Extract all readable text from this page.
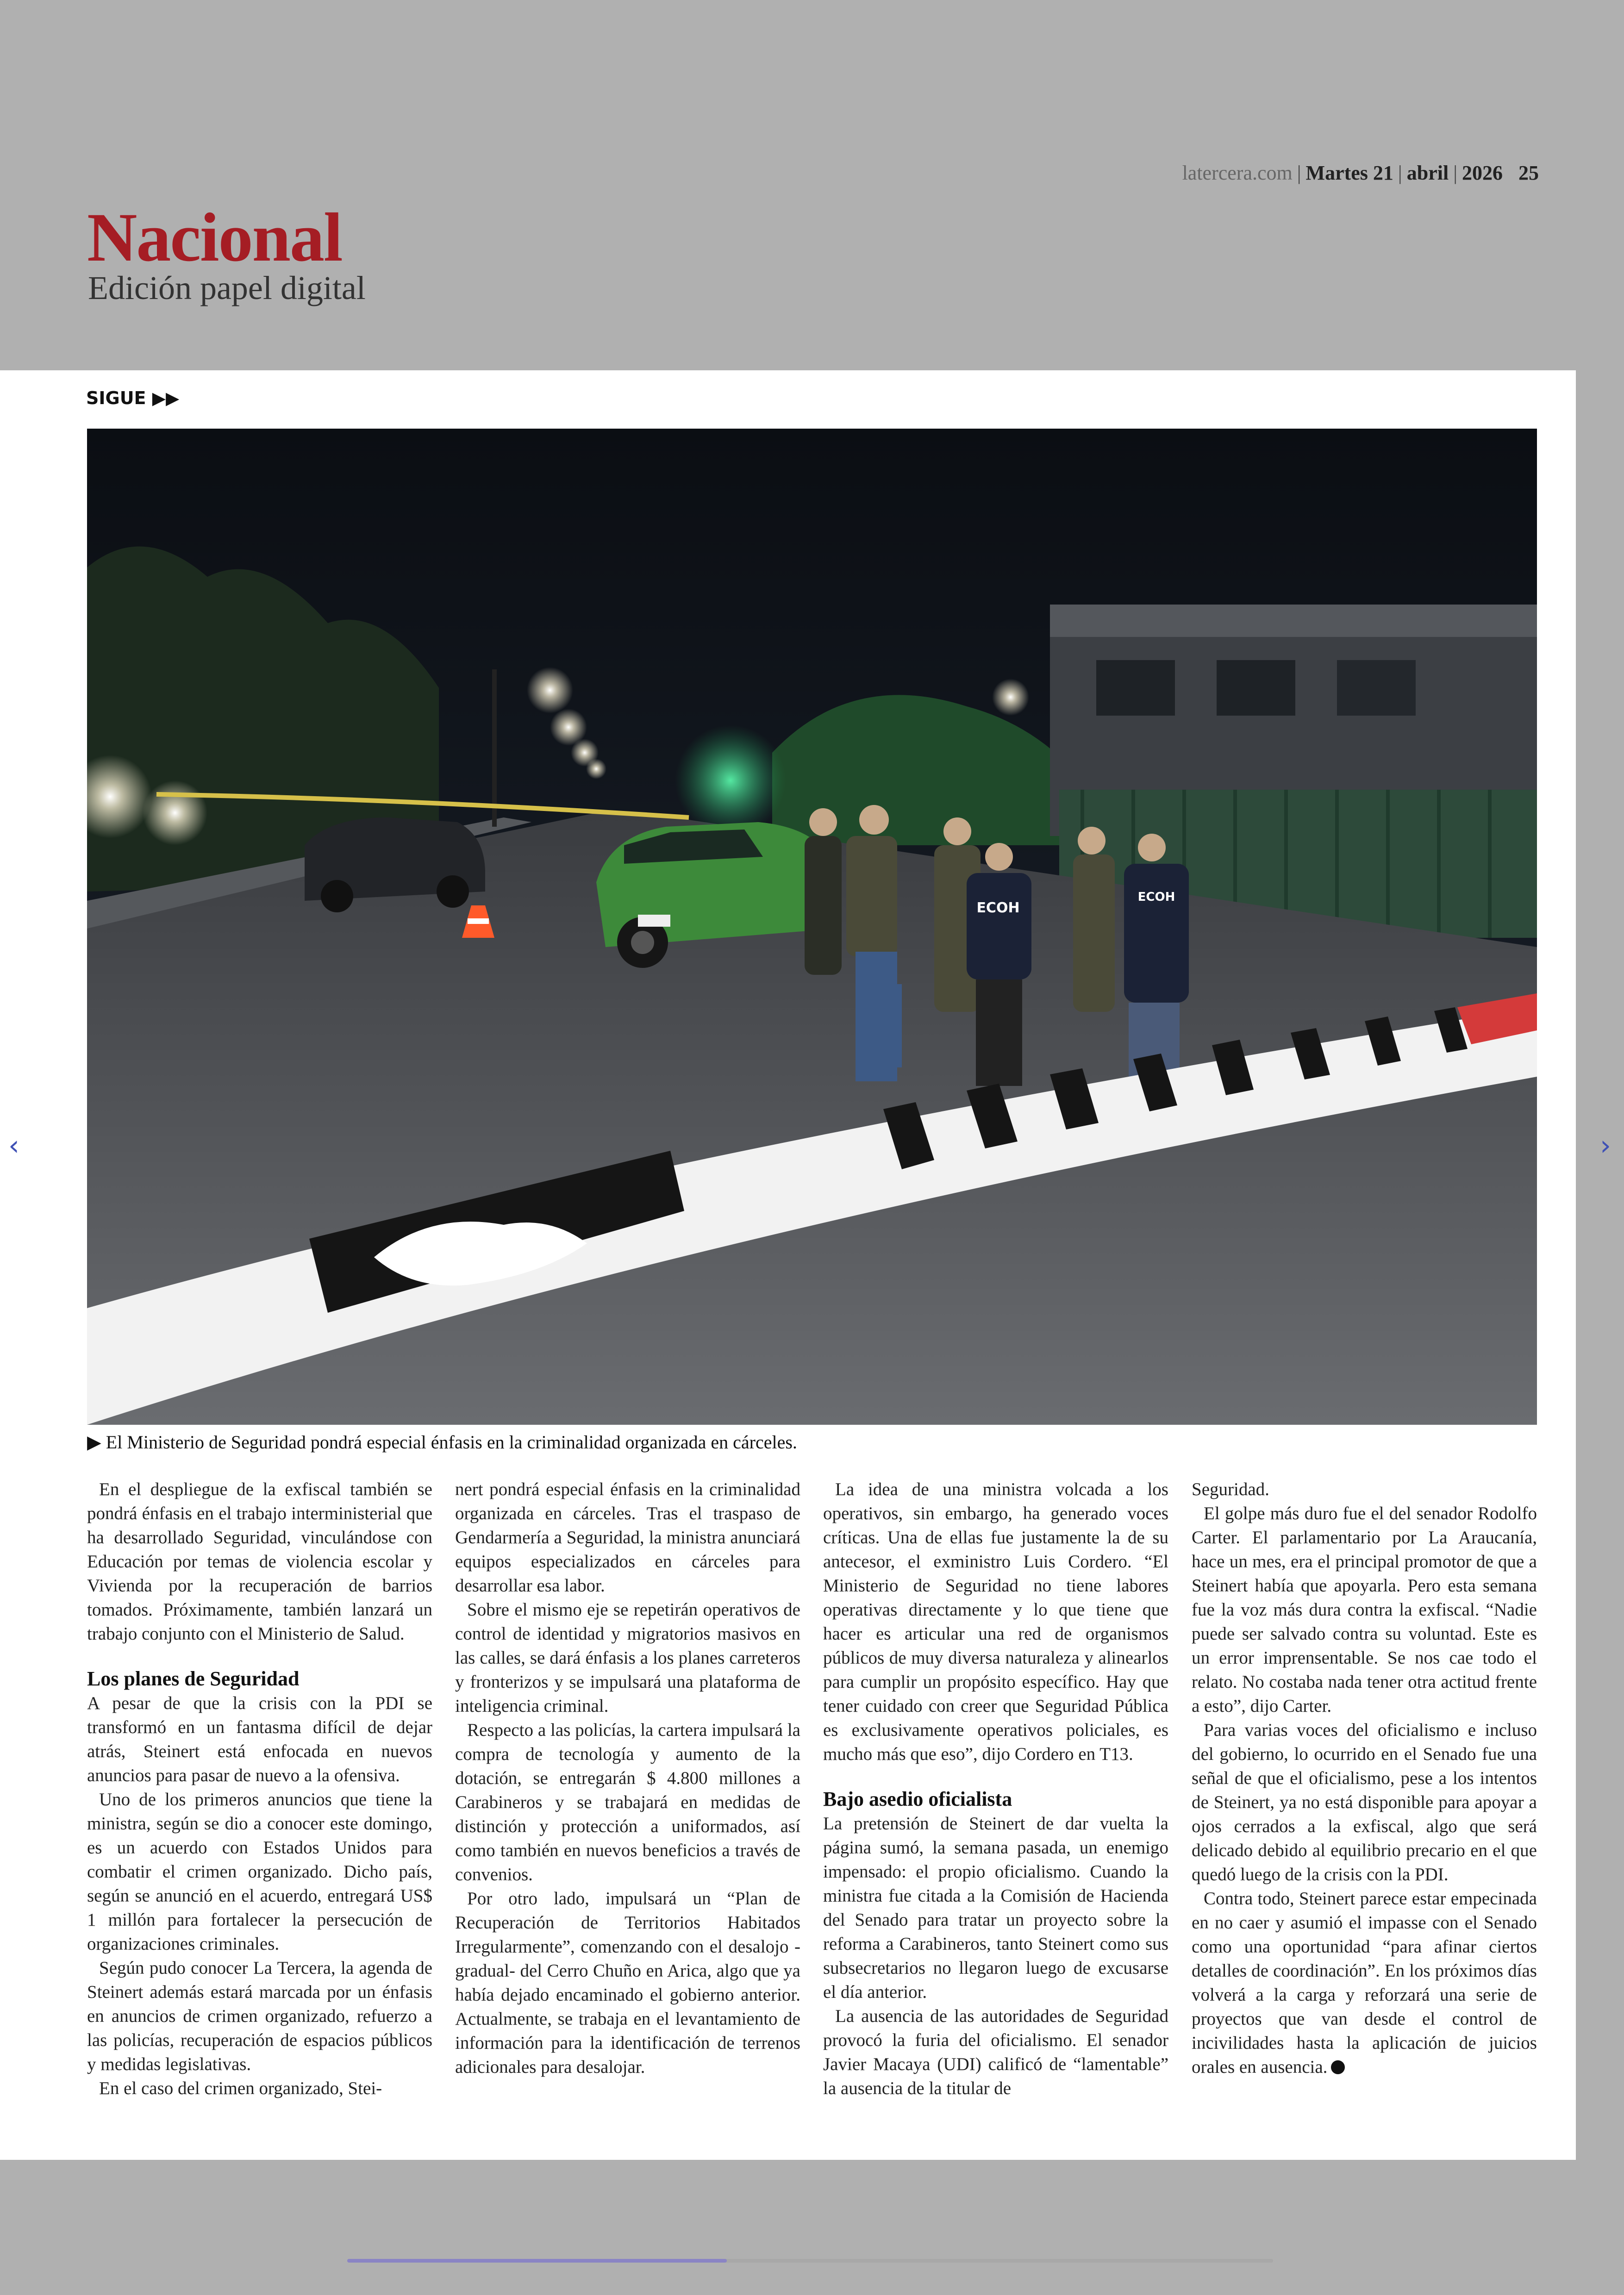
latercera.com | Martes 21 | abril | 2026 25
Nacional
Edición papel digital
SIGUE ▶▶
ECOH
ECOH
▶ El Ministerio de Seguridad pondrá especial énfasis en la criminalidad organizada en cárceles.

En el despliegue de la exfiscal también se pondrá énfasis en el trabajo interministerial que ha desarrollado Seguridad, vinculándose con Educación por temas de violencia escolar y Vivienda por la recuperación de barrios tomados. Próximamente, también lanzará un trabajo conjunto con el Ministerio de Salud.

Los planes de Seguridad

A pesar de que la crisis con la PDI se transformó en un fantasma difícil de dejar atrás, Steinert está enfocada en nuevos anuncios para pasar de nuevo a la ofensiva.

Uno de los primeros anuncios que tiene la ministra, según se dio a conocer este domingo, es un acuerdo con Estados Unidos para combatir el crimen organizado. Dicho país, según se anunció en el acuerdo, entregará US$ 1 millón para fortalecer la persecución de organizaciones criminales.

Según pudo conocer La Tercera, la agenda de Steinert además estará marcada por un énfasis en anuncios de crimen organizado, refuerzo a las policías, recuperación de espacios públicos y medidas legislativas.

En el caso del crimen organizado, Stei-

nert pondrá especial énfasis en la criminalidad organizada en cárceles. Tras el traspaso de Gendarmería a Seguridad, la ministra anunciará equipos especializados en cárceles para desarrollar esa labor.

Sobre el mismo eje se repetirán operativos de control de identidad y migratorios masivos en las calles, se dará énfasis a los planes carreteros y fronterizos y se impulsará una plataforma de inteligencia criminal.

Respecto a las policías, la cartera impulsará la compra de tecnología y aumento de la dotación, se entregarán $ 4.800 millones a Carabineros y se trabajará en medidas de distinción y protección a uniformados, así como también en nuevos beneficios a través de convenios.

Por otro lado, impulsará un “Plan de Recuperación de Territorios Habitados Irregularmente”, comenzando con el desalojo -gradual- del Cerro Chuño en Arica, algo que ya había dejado encaminado el gobierno anterior. Actualmente, se trabaja en el levantamiento de información para la identificación de terrenos adicionales para desalojar.

La idea de una ministra volcada a los operativos, sin embargo, ha generado voces críticas. Una de ellas fue justamente la de su antecesor, el exministro Luis Cordero. “El Ministerio de Seguridad no tiene labores operativas directamente y lo que tiene que hacer es articular una red de organismos públicos de muy diversa naturaleza y alinearlos para cumplir un propósito específico. Hay que tener cuidado con creer que Seguridad Pública es exclusivamente operativos policiales, es mucho más que eso”, dijo Cordero en T13.

Bajo asedio oficialista

La pretensión de Steinert de dar vuelta la página sumó, la semana pasada, un enemigo impensado: el propio oficialismo. Cuando la ministra fue citada a la Comisión de Hacienda del Senado para tratar un proyecto sobre la reforma a Carabineros, tanto Steinert como sus subsecretarios no llegaron luego de excusarse el día anterior.

La ausencia de las autoridades de Seguridad provocó la furia del oficialismo. El senador Javier Macaya (UDI) calificó de “lamentable” la ausencia de la titular de

Seguridad.

El golpe más duro fue el del senador Rodolfo Carter. El parlamentario por La Araucanía, hace un mes, era el principal promotor de que a Steinert había que apoyarla. Pero esta semana fue la voz más dura contra la exfiscal. “Nadie puede ser salvado contra su voluntad. Este es un error imprensentable. Se nos cae todo el relato. No costaba nada tener otra actitud frente a esto”, dijo Carter.

Para varias voces del oficialismo e incluso del gobierno, lo ocurrido en el Senado fue una señal de que el oficialismo, pese a los intentos de Steinert, ya no está disponible para apoyar a ojos cerrados a la exfiscal, algo que será delicado debido al equilibrio precario en el que quedó luego de la crisis con la PDI.

Contra todo, Steinert parece estar empecinada en no caer y asumió el impasse con el Senado como una oportunidad “para afinar ciertos detalles de coordinación”. En los próximos días volverá a la carga y reforzará una serie de proyectos que van desde el control de incivilidades hasta la aplicación de juicios orales en ausencia.

‹	›
